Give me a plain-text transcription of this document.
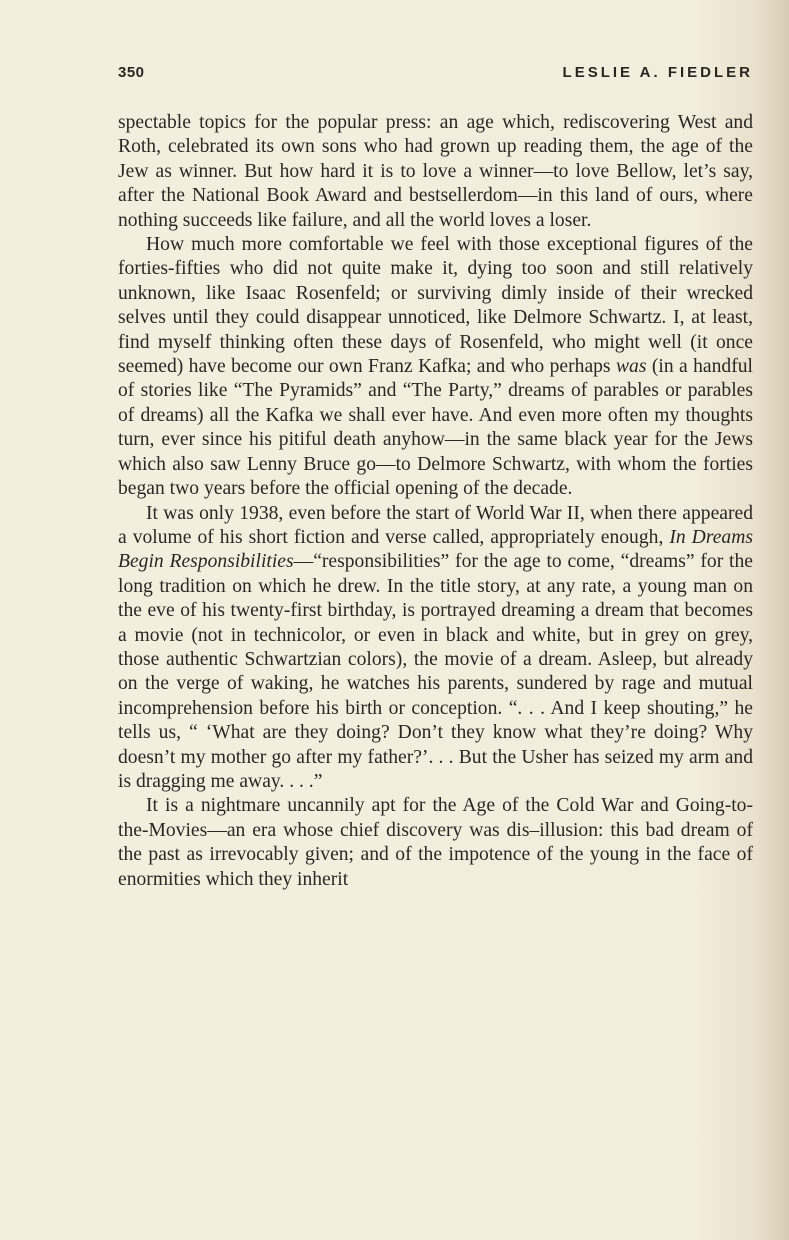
350	LESLIE A. FIEDLER

spectable topics for the popular press: an age which, rediscovering West and Roth, celebrated its own sons who had grown up reading them, the age of the Jew as winner. But how hard it is to love a winner—to love Bellow, let’s say, after the National Book Award and bestsellerdom—in this land of ours, where nothing succeeds like failure, and all the world loves a loser.

How much more comfortable we feel with those exceptional figures of the forties-fifties who did not quite make it, dying too soon and still relatively unknown, like Isaac Rosenfeld; or surviving dimly inside of their wrecked selves until they could disappear unnoticed, like Delmore Schwartz. I, at least, find myself thinking often these days of Rosenfeld, who might well (it once seemed) have become our own Franz Kafka; and who perhaps was (in a handful of stories like “The Pyramids” and “The Party,” dreams of parables or parables of dreams) all the Kafka we shall ever have. And even more often my thoughts turn, ever since his pitiful death anyhow—in the same black year for the Jews which also saw Lenny Bruce go—to Delmore Schwartz, with whom the forties began two years before the official opening of the decade.

It was only 1938, even before the start of World War II, when there appeared a volume of his short fiction and verse called, appropriately enough, In Dreams Begin Responsibilities—“responsibilities” for the age to come, “dreams” for the long tradition on which he drew. In the title story, at any rate, a young man on the eve of his twenty-first birthday, is portrayed dreaming a dream that becomes a movie (not in technicolor, or even in black and white, but in grey on grey, those authentic Schwartzian colors), the movie of a dream. Asleep, but already on the verge of waking, he watches his parents, sundered by rage and mutual incomprehension before his birth or conception. “. . . And I keep shouting,” he tells us, “ ‘What are they doing? Don’t they know what they’re doing? Why doesn’t my mother go after my father?’. . . But the Usher has seized my arm and is dragging me away. . . .”

It is a nightmare uncannily apt for the Age of the Cold War and Going-to-the-Movies—an era whose chief discovery was dis–illusion: this bad dream of the past as irrevocably given; and of the impotence of the young in the face of enormities which they inherit
